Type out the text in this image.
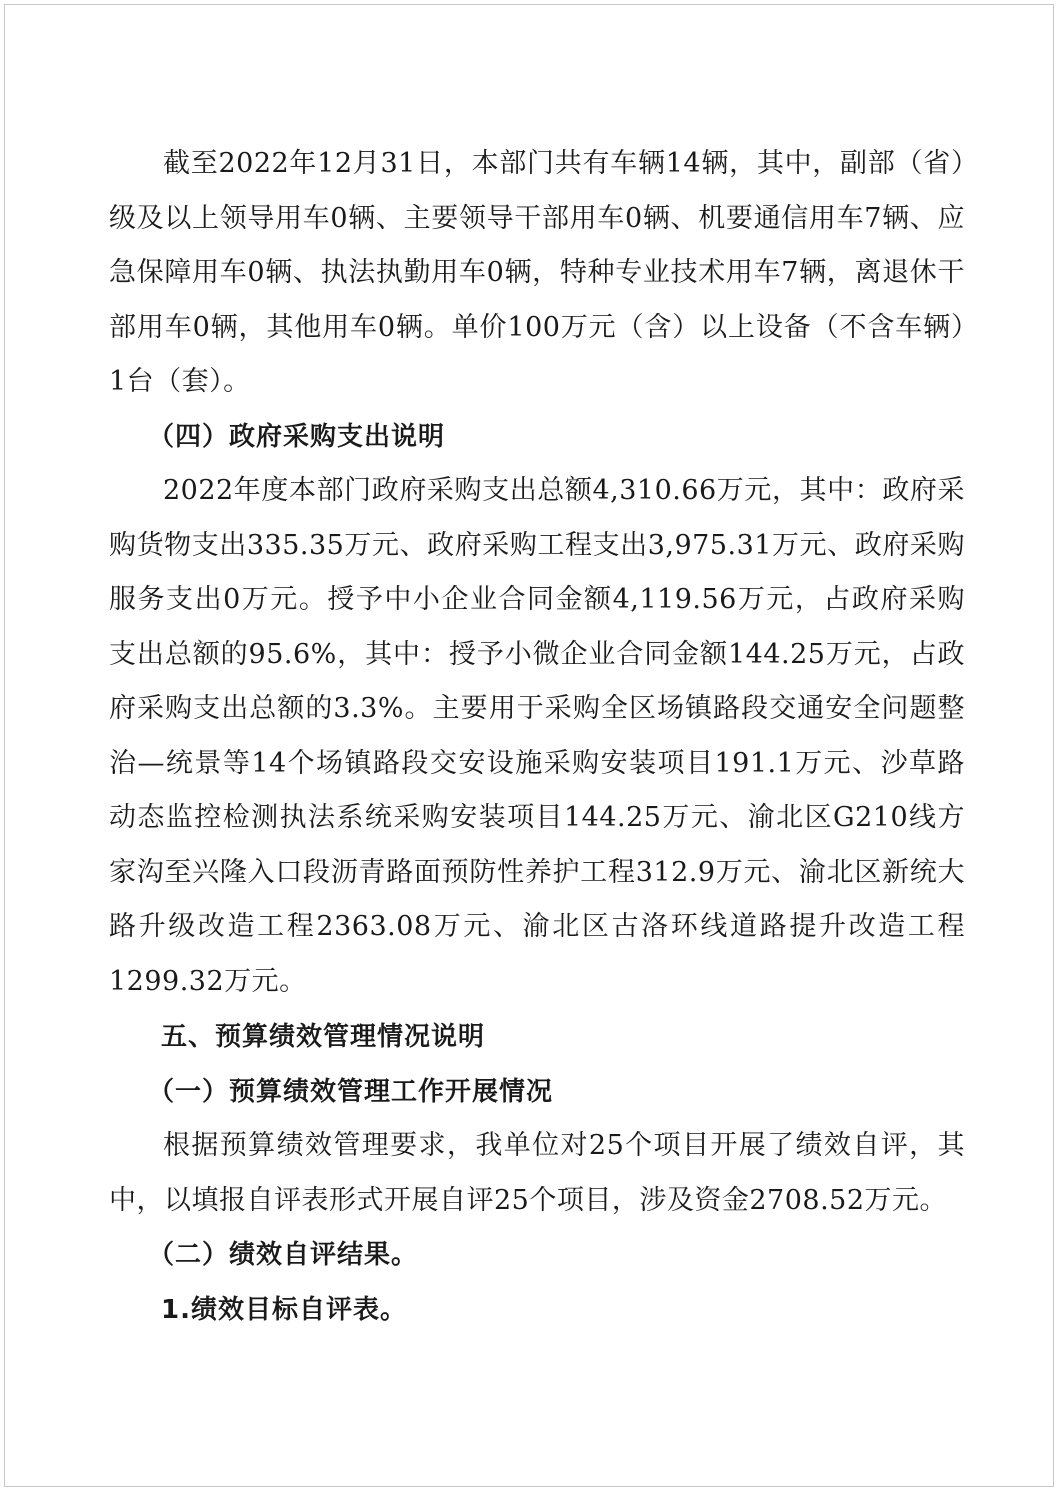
截至2022年12月31日，本部门共有车辆14辆，其中，副部（省）级及以上领导用车0辆、主要领导干部用车0辆、机要通信用车7辆、应急保障用车0辆、执法执勤用车0辆，特种专业技术用车7辆，离退休干部用车0辆，其他用车0辆。单价100万元（含）以上设备（不含车辆）1台（套）。

（四）政府采购支出说明

2022年度本部门政府采购支出总额4,310.66万元，其中：政府采购货物支出335.35万元、政府采购工程支出3,975.31万元、政府采购服务支出0万元。授予中小企业合同金额4,119.56万元，占政府采购支出总额的95.6%，其中：授予小微企业合同金额144.25万元，占政府采购支出总额的3.3%。主要用于采购全区场镇路段交通安全问题整治—统景等14个场镇路段交安设施采购安装项目191.1万元、沙草路动态监控检测执法系统采购安装项目144.25万元、渝北区G210线方家沟至兴隆入口段沥青路面预防性养护工程312.9万元、渝北区新统大路升级改造工程2363.08万元、渝北区古洛环线道路提升改造工程1299.32万元。

五、预算绩效管理情况说明

（一）预算绩效管理工作开展情况

根据预算绩效管理要求，我单位对25个项目开展了绩效自评，其中，以填报自评表形式开展自评25个项目，涉及资金2708.52万元。

（二）绩效自评结果。

1.绩效目标自评表。
